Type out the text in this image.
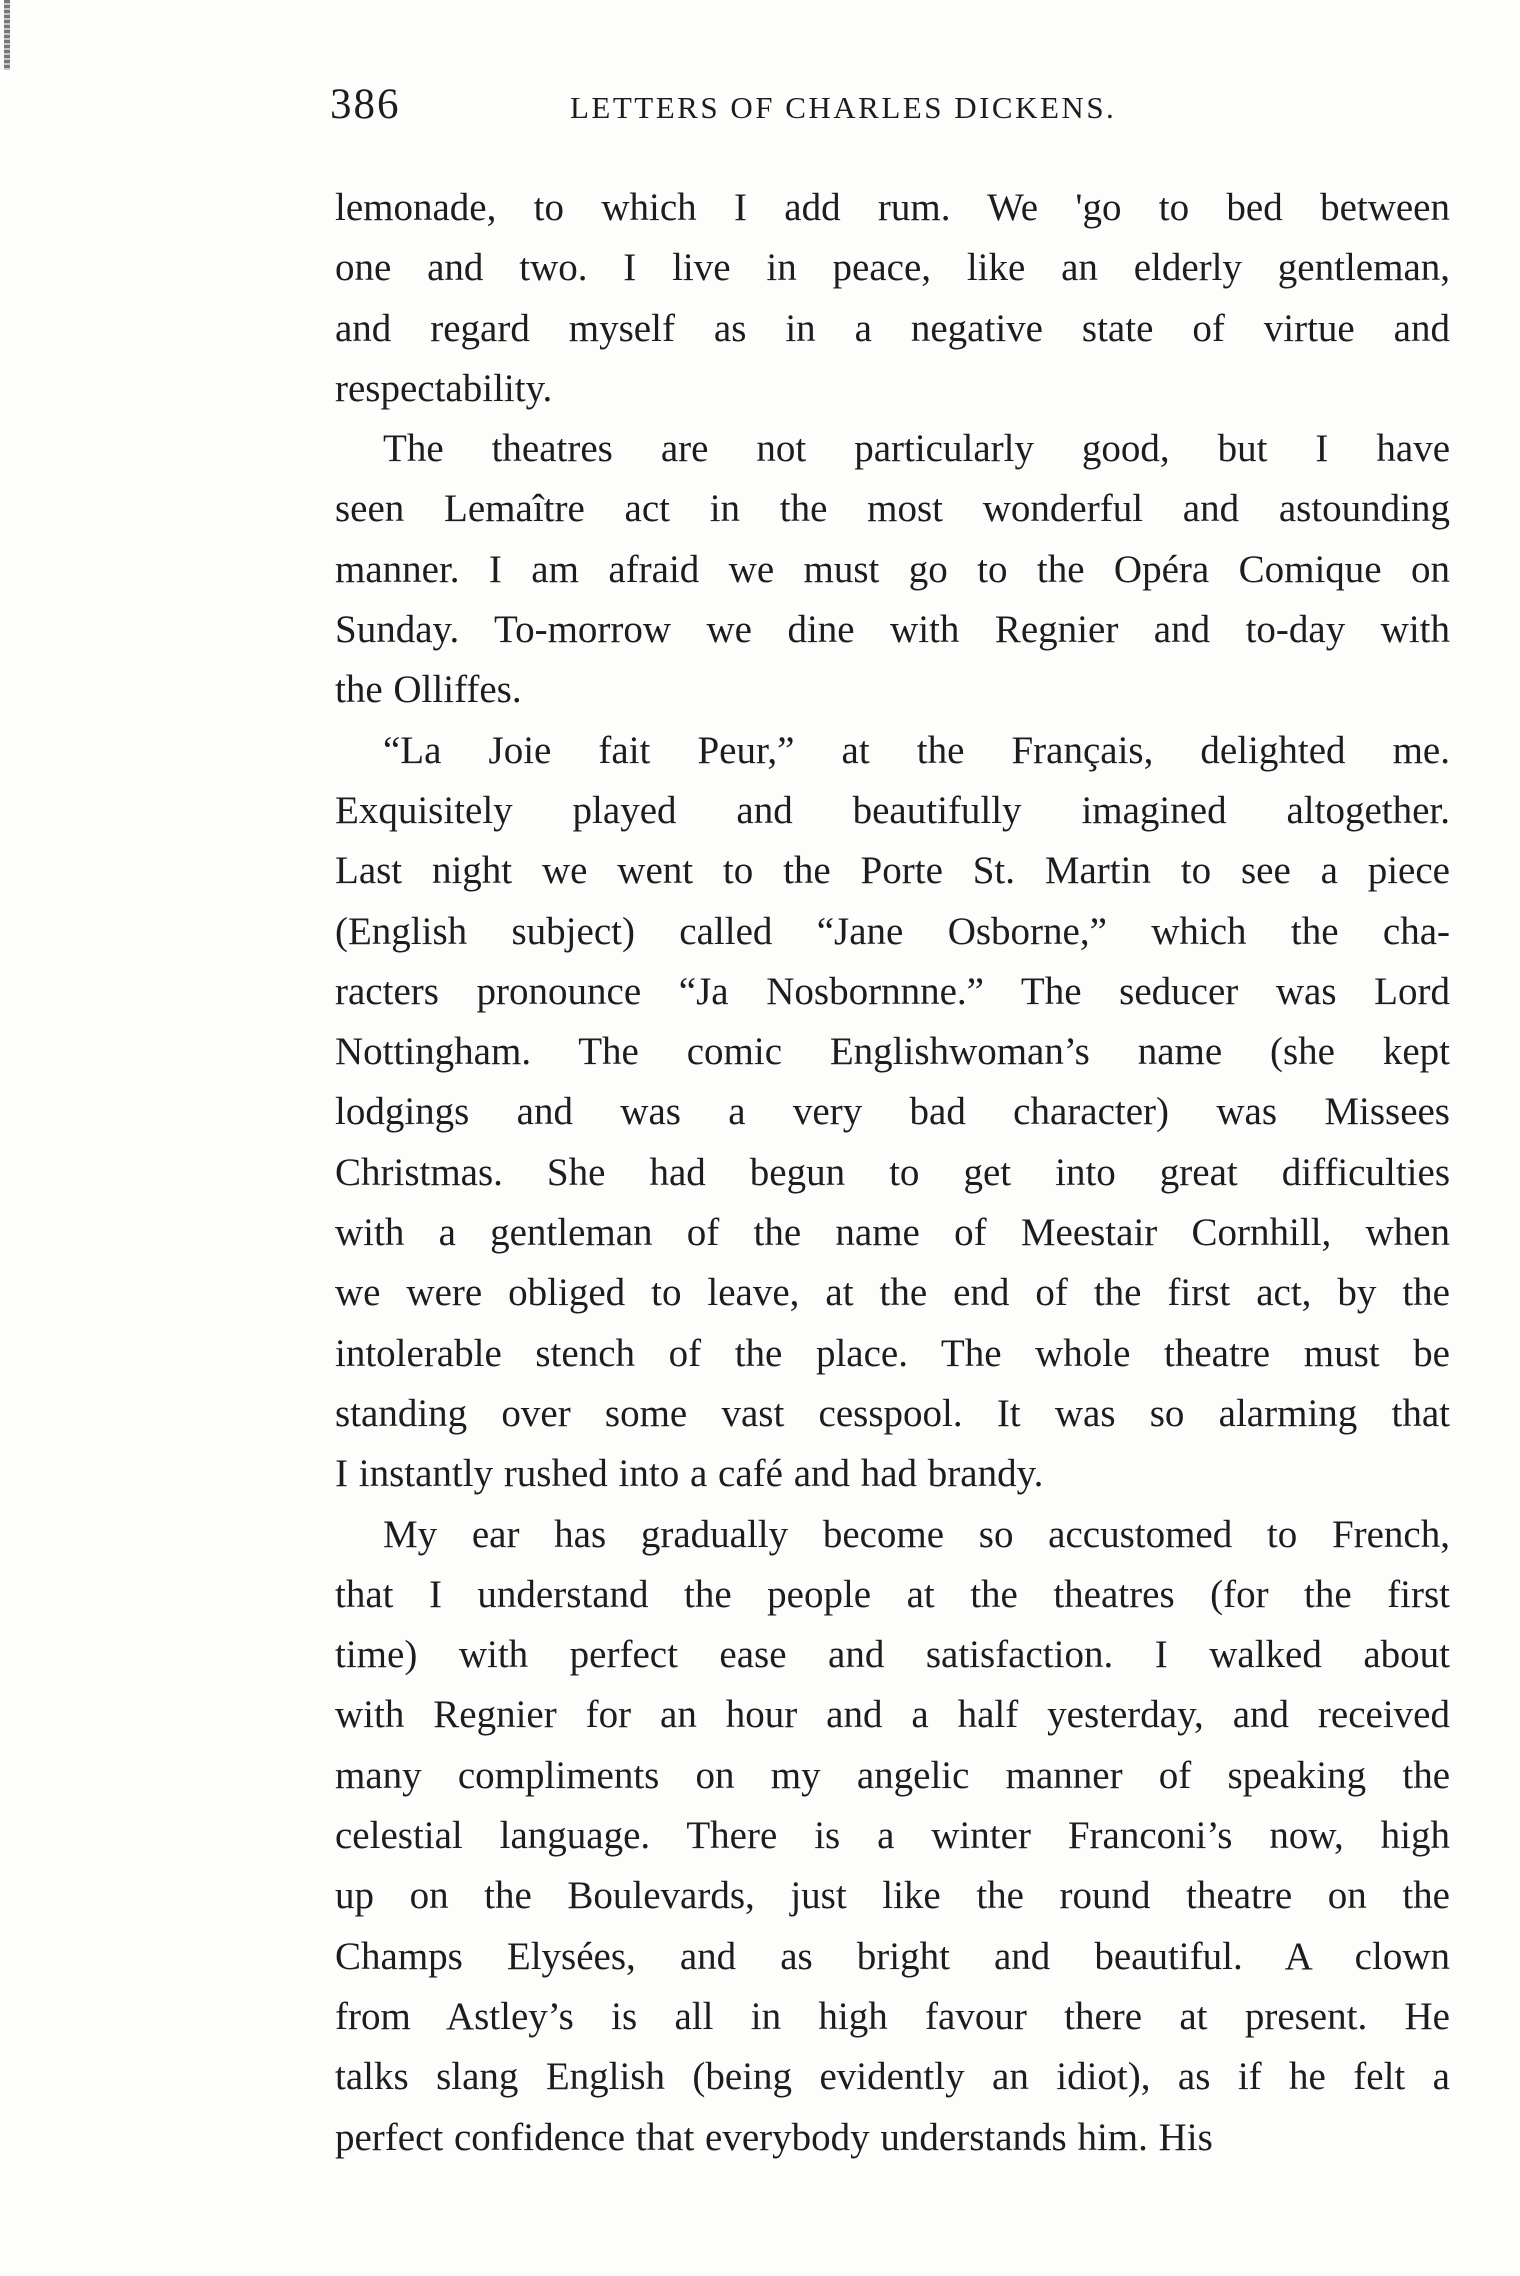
386	LETTERS OF CHARLES DICKENS.

lemonade, to which I add rum. We 'go to bed between
one and two. I live in peace, like an elderly gentleman,
and regard myself as in a negative state of virtue and
respectability.

The theatres are not particularly good, but I have
seen Lemaître act in the most wonderful and astounding
manner. I am afraid we must go to the Opéra Comique on
Sunday. To-morrow we dine with Regnier and to-day with
the Olliffes.

“La Joie fait Peur,” at the Français, delighted me.
Exquisitely played and beautifully imagined altogether.
Last night we went to the Porte St. Martin to see a piece
(English subject) called “Jane Osborne,” which the cha-
racters pronounce “Ja Nosbornnne.” The seducer was Lord
Nottingham. The comic Englishwoman’s name (she kept
lodgings and was a very bad character) was Missees
Christmas. She had begun to get into great difficulties
with a gentleman of the name of Meestair Cornhill, when
we were obliged to leave, at the end of the first act, by the
intolerable stench of the place. The whole theatre must be
standing over some vast cesspool. It was so alarming that
I instantly rushed into a café and had brandy.

My ear has gradually become so accustomed to French,
that I understand the people at the theatres (for the first
time) with perfect ease and satisfaction. I walked about
with Regnier for an hour and a half yesterday, and received
many compliments on my angelic manner of speaking the
celestial language. There is a winter Franconi’s now, high
up on the Boulevards, just like the round theatre on the
Champs Elysées, and as bright and beautiful. A clown
from Astley’s is all in high favour there at present. He
talks slang English (being evidently an idiot), as if he felt a
perfect confidence that everybody understands him. His
